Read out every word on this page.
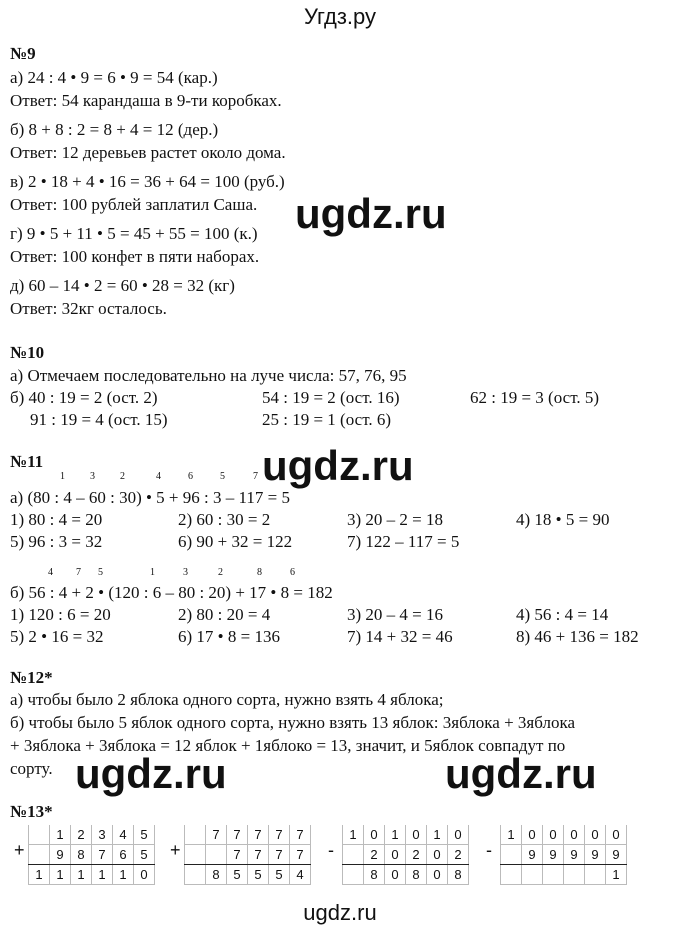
Угдз.ру
№9
а) 24 : 4 • 9 = 6 • 9 = 54 (кар.)
Ответ: 54 карандаша в 9-ти коробках.
б) 8 + 8 : 2 = 8 + 4 = 12 (дер.)
Ответ: 12 деревьев растет около дома.
в) 2 • 18 + 4 • 16 = 36 + 64 = 100 (руб.)
Ответ: 100 рублей заплатил Саша.
г) 9 • 5 + 11 • 5 = 45 + 55 = 100 (к.)
Ответ: 100 конфет в пяти наборах.
д) 60 – 14 • 2 = 60 • 28 = 32 (кг)
Ответ: 32кг осталось.
ugdz.ru
№10
а) Отмечаем последовательно на луче числа: 57, 76, 95
б) 40 : 19 = 2 (ост. 2)	54 : 19 = 2 (ост. 16)	62 : 19 = 3 (ост. 5)
91 : 19 = 4 (ост. 15)	25 : 19 = 1 (ост. 6)
№11
1	3	2	4	6	5	7 ugdz.ru
а) (80 : 4 – 60 : 30) • 5 + 96 : 3 – 117 = 5
1) 80 : 4 = 20	2) 60 : 30 = 2	3) 20 – 2 = 18	4) 18 • 5 = 90
5) 96 : 3 = 32	6) 90 + 32 = 122	7) 122 – 117 = 5
4 7 5	1	3	2	8	6
б) 56 : 4 + 2 • (120 : 6 – 80 : 20) + 17 • 8 = 182
1) 120 : 6 = 20	2) 80 : 20 = 4	3) 20 – 4 = 16	4) 56 : 4 = 14
5) 2 • 16 = 32	6) 17 • 8 = 136	7) 14 + 32 = 46	8) 46 + 136 = 182
№12*
а) чтобы было 2 яблока одного сорта, нужно взять 4 яблока;
б) чтобы было 5 яблок одного сорта, нужно взять 13 яблок: 3яблока + 3яблока
+ 3яблока + 3яблока = 12 яблок + 1яблоко = 13, значит, и 5яблок совпадут по
сорту. ugdz.ru	ugdz.ru
№13*
+
	1	2	3	4	5
	9	8	7	6	5
1	1	1	1	1	0
+
	7	7	7	7	7
		7	7	7	7
	8	5	5	5	4
-
1	0	1	0	1	0
	2	0	2	0	2
	8	0	8	0	8
-
1	0	0	0	0	0
	9	9	9	9	9
					1
ugdz.ru
